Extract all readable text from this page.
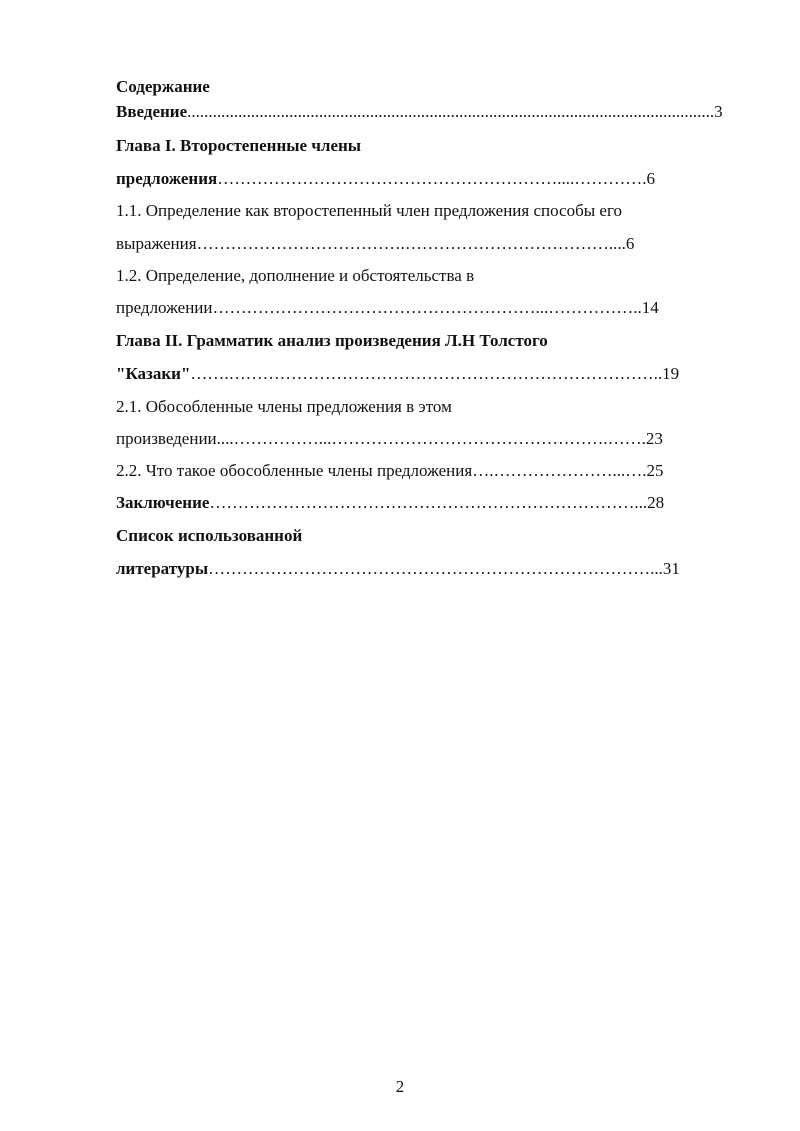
Содержание
Введение............................................................................................................................3
Глава I. Второстепенные члены
предложения……………………………………………………....………….6
1.1. Определение как второстепенный член предложения способы его
выражения……………………………….………………………………....6
1.2. Определение, дополнение и обстоятельства в
предложении…………………………………………………...……………..14
Глава II. Грамматик анализ произведения Л.Н Толстого
"Казаки"…….…………………………………………………………………..19
2.1. Обособленные члены предложения в этом
произведении....……………...………………………………………….…….23
2.2. Что такое обособленные члены предложения….…………………...….25
Заключение…………………………………………………………………...28
Список использованной
литературы……………………………………………………………………...31
2
